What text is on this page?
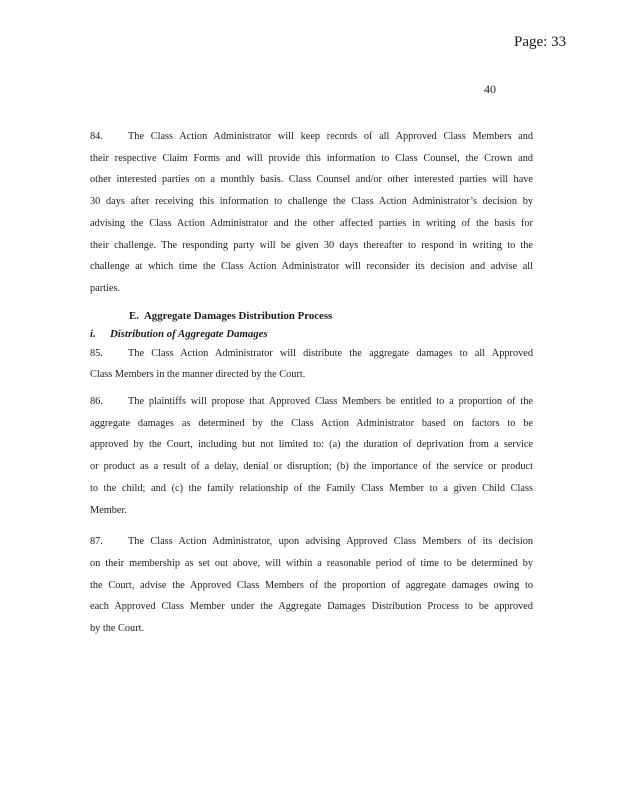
Page: 33
40
84. The Class Action Administrator will keep records of all Approved Class Members and
their respective Claim Forms and will provide this information to Class Counsel, the Crown and
other interested parties on a monthly basis. Class Counsel and/or other interested parties will have
30 days after receiving this information to challenge the Class Action Administrator’s decision by
advising the Class Action Administrator and the other affected parties in writing of the basis for
their challenge. The responding party will be given 30 days thereafter to respond in writing to the
challenge at which time the Class Action Administrator will reconsider its decision and advise all
parties.
E. Aggregate Damages Distribution Process
i. Distribution of Aggregate Damages
85. The Class Action Administrator will distribute the aggregate damages to all Approved
Class Members in the manner directed by the Court.
86. The plaintiffs will propose that Approved Class Members be entitled to a proportion of the
aggregate damages as determined by the Class Action Administrator based on factors to be
approved by the Court, including but not limited to: (a) the duration of deprivation from a service
or product as a result of a delay, denial or disruption; (b) the importance of the service or product
to the child; and (c) the family relationship of the Family Class Member to a given Child Class
Member.
87. The Class Action Administrator, upon advising Approved Class Members of its decision
on their membership as set out above, will within a reasonable period of time to be determined by
the Court, advise the Approved Class Members of the proportion of aggregate damages owing to
each Approved Class Member under the Aggregate Damages Distribution Process to be approved
by the Court.
